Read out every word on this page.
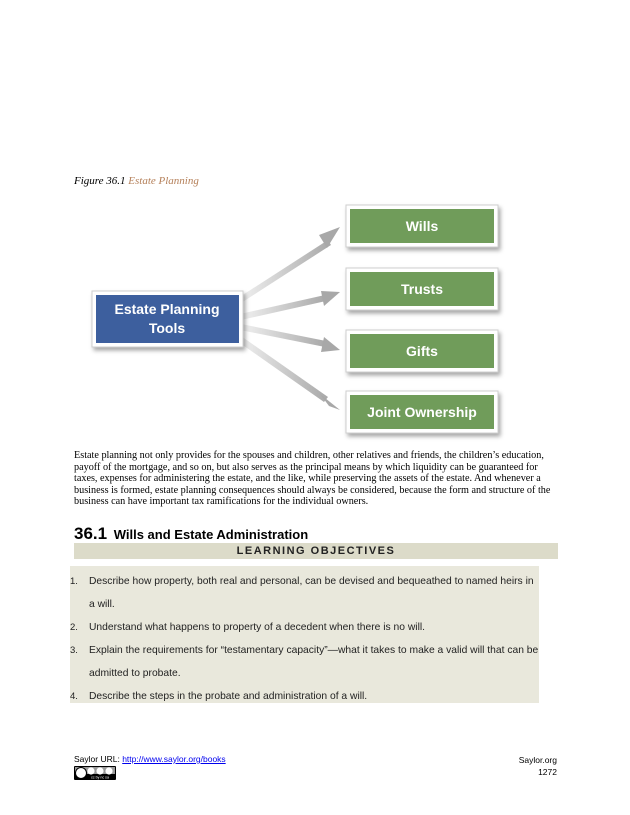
Figure 36.1 Estate Planning
Estate Planning
Tools
Wills
Trusts
Gifts
Joint Ownership
Estate planning not only provides for the spouses and children, other relatives and friends, the children’s education, payoff of the mortgage, and so on, but also serves as the principal means by which liquidity can be guaranteed for taxes, expenses for administering the estate, and the like, while preserving the assets of the estate. And whenever a business is formed, estate planning consequences should always be considered, because the form and structure of the business can have important tax ramifications for the individual owners.
36.1 Wills and Estate Administration
LEARNING OBJECTIVES
1. Describe how property, both real and personal, can be devised and bequeathed to named heirs in a will.
2. Understand what happens to property of a decedent when there is no will.
3. Explain the requirements for “testamentary capacity”—what it takes to make a valid will that can be admitted to probate.
4. Describe the steps in the probate and administration of a will.
Saylor URL: http://www.saylor.org/books
cc by nc sa
Saylor.org
1272
